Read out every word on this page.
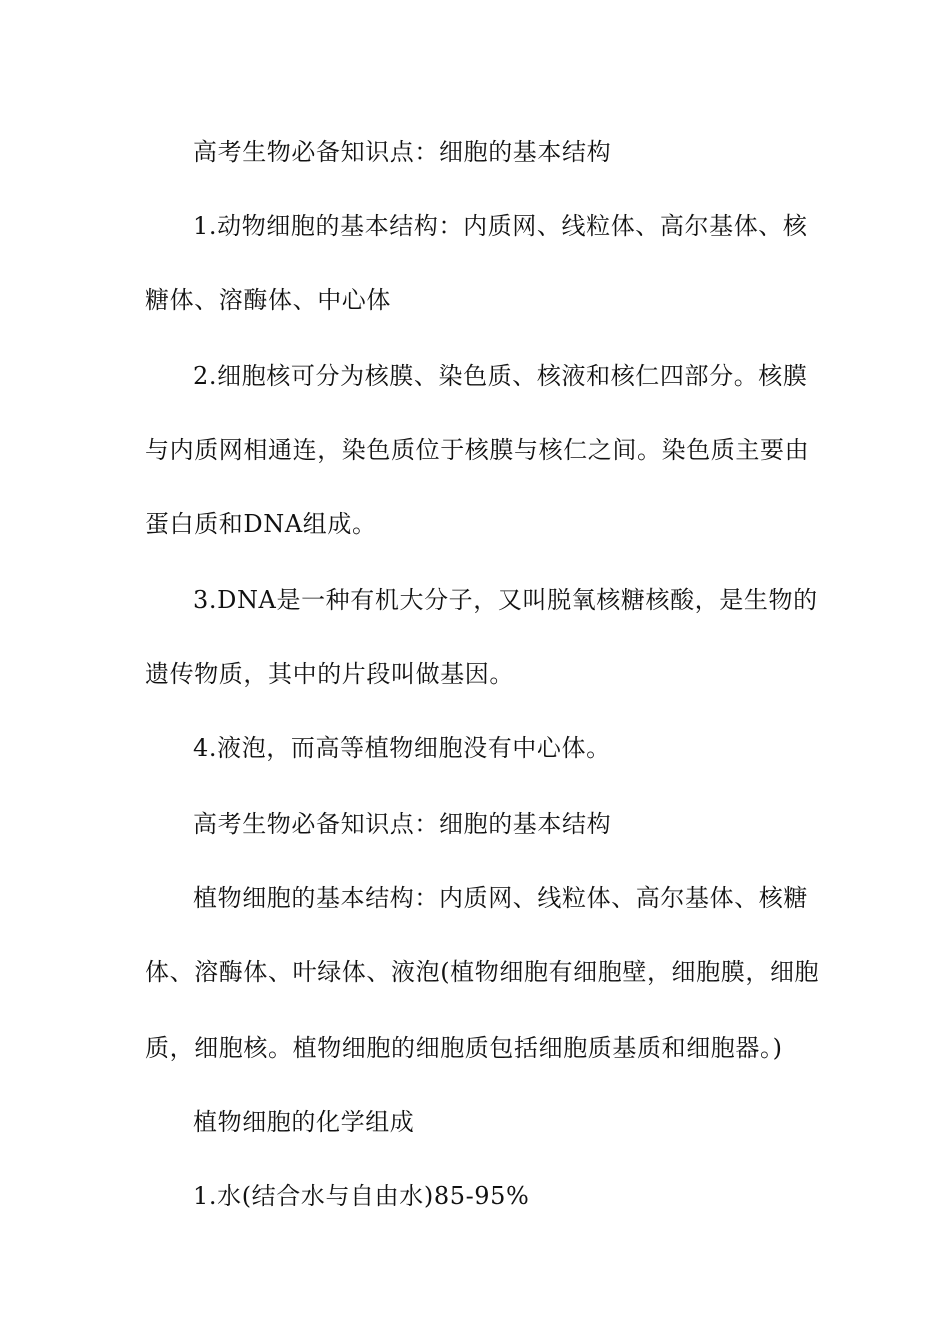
高考生物必备知识点：细胞的基本结构

1.动物细胞的基本结构：内质网、线粒体、高尔基体、核

糖体、溶酶体、中心体

2.细胞核可分为核膜、染色质、核液和核仁四部分。核膜

与内质网相通连，染色质位于核膜与核仁之间。染色质主要由

蛋白质和DNA组成。

3.DNA是一种有机大分子，又叫脱氧核糖核酸，是生物的

遗传物质，其中的片段叫做基因。

4.液泡，而高等植物细胞没有中心体。

高考生物必备知识点：细胞的基本结构

植物细胞的基本结构：内质网、线粒体、高尔基体、核糖

体、溶酶体、叶绿体、液泡(植物细胞有细胞壁，细胞膜，细胞

质，细胞核。植物细胞的细胞质包括细胞质基质和细胞器。)

植物细胞的化学组成

1.水(结合水与自由水)85-95%
